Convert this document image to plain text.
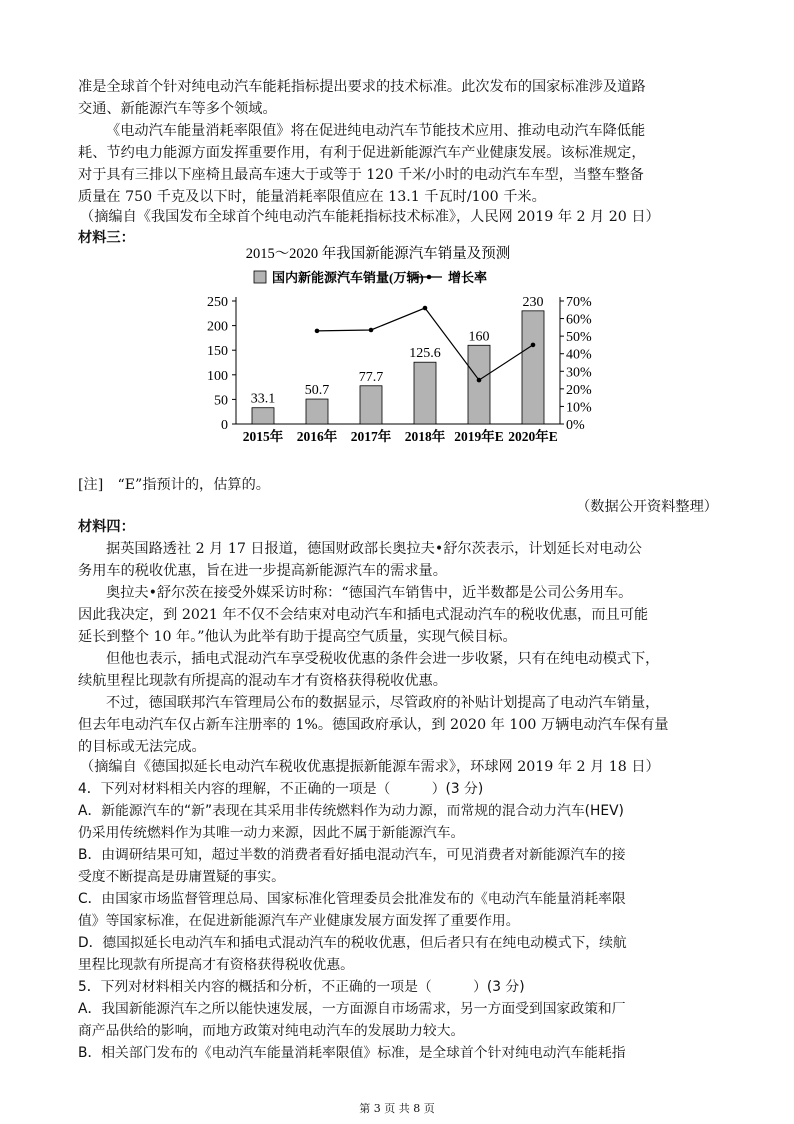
准是全球首个针对纯电动汽车能耗指标提出要求的技术标准。此次发布的国家标准涉及道路
交通、新能源汽车等多个领域。
《电动汽车能量消耗率限值》将在促进纯电动汽车节能技术应用、推动电动汽车降低能
耗、节约电力能源方面发挥重要作用，有利于促进新能源汽车产业健康发展。该标准规定，
对于具有三排以下座椅且最高车速大于或等于 120 千米/小时的电动汽车车型，当整车整备
质量在 750 千克及以下时，能量消耗率限值应在 13.1 千瓦时/100 千米。
（摘编自《我国发布全球首个纯电动汽车能耗指标技术标准》，人民网 2019 年 2 月 20 日）
材料三：
2015～2020 年我国新能源汽车销量及预测
国内新能源汽车销量(万辆) 增长率
0
50
100
150
200
250
0%
10%
20%
30%
40%
50%
60%
70%
33.1
50.7
77.7
125.6
160
230
2015年 2016年 2017年 2018年 2019年E 2020年E
[注]　“E”指预计的，估算的。
（数据公开资料整理）
材料四：
据英国路透社 2 月 17 日报道，德国财政部长奥拉夫•舒尔茨表示，计划延长对电动公
务用车的税收优惠，旨在进一步提高新能源汽车的需求量。
奥拉夫•舒尔茨在接受外媒采访时称：“德国汽车销售中，近半数都是公司公务用车。
因此我决定，到 2021 年不仅不会结束对电动汽车和插电式混动汽车的税收优惠，而且可能
延长到整个 10 年。”他认为此举有助于提高空气质量，实现气候目标。
但他也表示，插电式混动汽车享受税收优惠的条件会进一步收紧，只有在纯电动模式下，
续航里程比现款有所提高的混动车才有资格获得税收优惠。
不过，德国联邦汽车管理局公布的数据显示，尽管政府的补贴计划提高了电动汽车销量，
但去年电动汽车仅占新车注册率的 1%。德国政府承认，到 2020 年 100 万辆电动汽车保有量
的目标或无法完成。
（摘编自《德国拟延长电动汽车税收优惠提振新能源车需求》，环球网 2019 年 2 月 18 日）
4．下列对材料相关内容的理解，不正确的一项是（　　　）(3 分)
A．新能源汽车的“新”表现在其采用非传统燃料作为动力源，而常规的混合动力汽车(HEV)
仍采用传统燃料作为其唯一动力来源，因此不属于新能源汽车。
B．由调研结果可知，超过半数的消费者看好插电混动汽车，可见消费者对新能源汽车的接
受度不断提高是毋庸置疑的事实。
C．由国家市场监督管理总局、国家标准化管理委员会批准发布的《电动汽车能量消耗率限
值》等国家标准，在促进新能源汽车产业健康发展方面发挥了重要作用。
D．德国拟延长电动汽车和插电式混动汽车的税收优惠，但后者只有在纯电动模式下，续航
里程比现款有所提高才有资格获得税收优惠。
5．下列对材料相关内容的概括和分析，不正确的一项是（　　　）(3 分)
A．我国新能源汽车之所以能快速发展，一方面源自市场需求，另一方面受到国家政策和厂
商产品供给的影响，而地方政策对纯电动汽车的发展助力较大。
B．相关部门发布的《电动汽车能量消耗率限值》标准，是全球首个针对纯电动汽车能耗指
第 3 页 共 8 页
